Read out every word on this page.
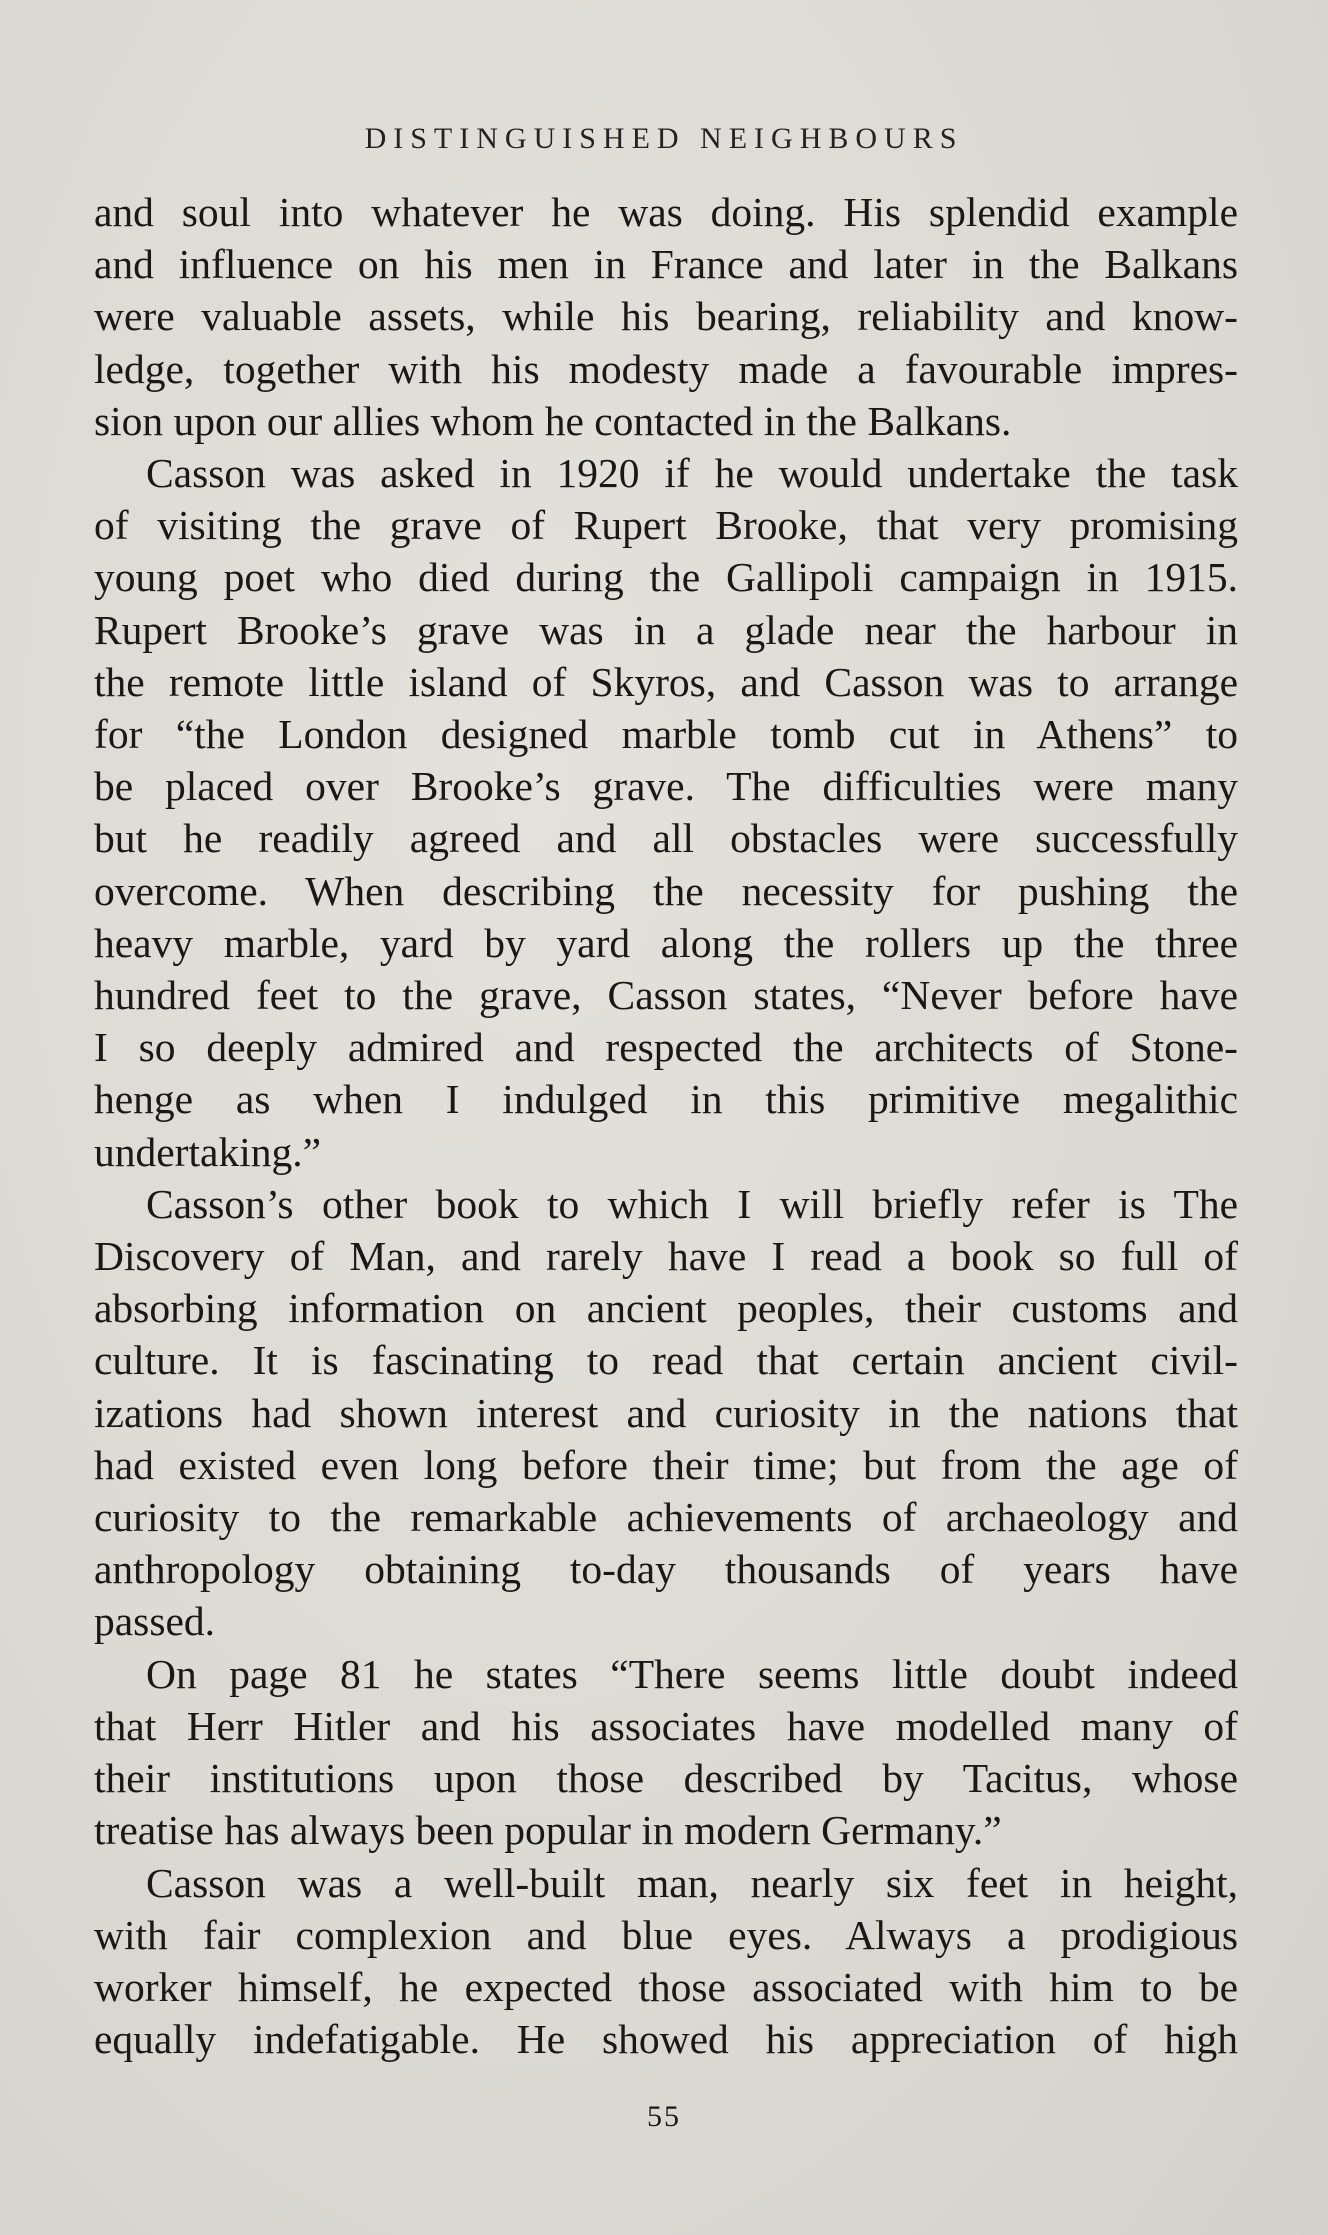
DISTINGUISHED NEIGHBOURS
and soul into whatever he was doing. His splendid example
and influence on his men in France and later in the Balkans
were valuable assets, while his bearing, reliability and know-
ledge, together with his modesty made a favourable impres-
sion upon our allies whom he contacted in the Balkans.
Casson was asked in 1920 if he would undertake the task
of visiting the grave of Rupert Brooke, that very promising
young poet who died during the Gallipoli campaign in 1915.
Rupert Brooke’s grave was in a glade near the harbour in
the remote little island of Skyros, and Casson was to arrange
for “the London designed marble tomb cut in Athens” to
be placed over Brooke’s grave. The difficulties were many
but he readily agreed and all obstacles were successfully
overcome. When describing the necessity for pushing the
heavy marble, yard by yard along the rollers up the three
hundred feet to the grave, Casson states, “Never before have
I so deeply admired and respected the architects of Stone-
henge as when I indulged in this primitive megalithic
undertaking.”
Casson’s other book to which I will briefly refer is The
Discovery of Man, and rarely have I read a book so full of
absorbing information on ancient peoples, their customs and
culture. It is fascinating to read that certain ancient civil-
izations had shown interest and curiosity in the nations that
had existed even long before their time; but from the age of
curiosity to the remarkable achievements of archaeology and
anthropology obtaining to-day thousands of years have
passed.
On page 81 he states “There seems little doubt indeed
that Herr Hitler and his associates have modelled many of
their institutions upon those described by Tacitus, whose
treatise has always been popular in modern Germany.”
Casson was a well-built man, nearly six feet in height,
with fair complexion and blue eyes. Always a prodigious
worker himself, he expected those associated with him to be
equally indefatigable. He showed his appreciation of high
55
